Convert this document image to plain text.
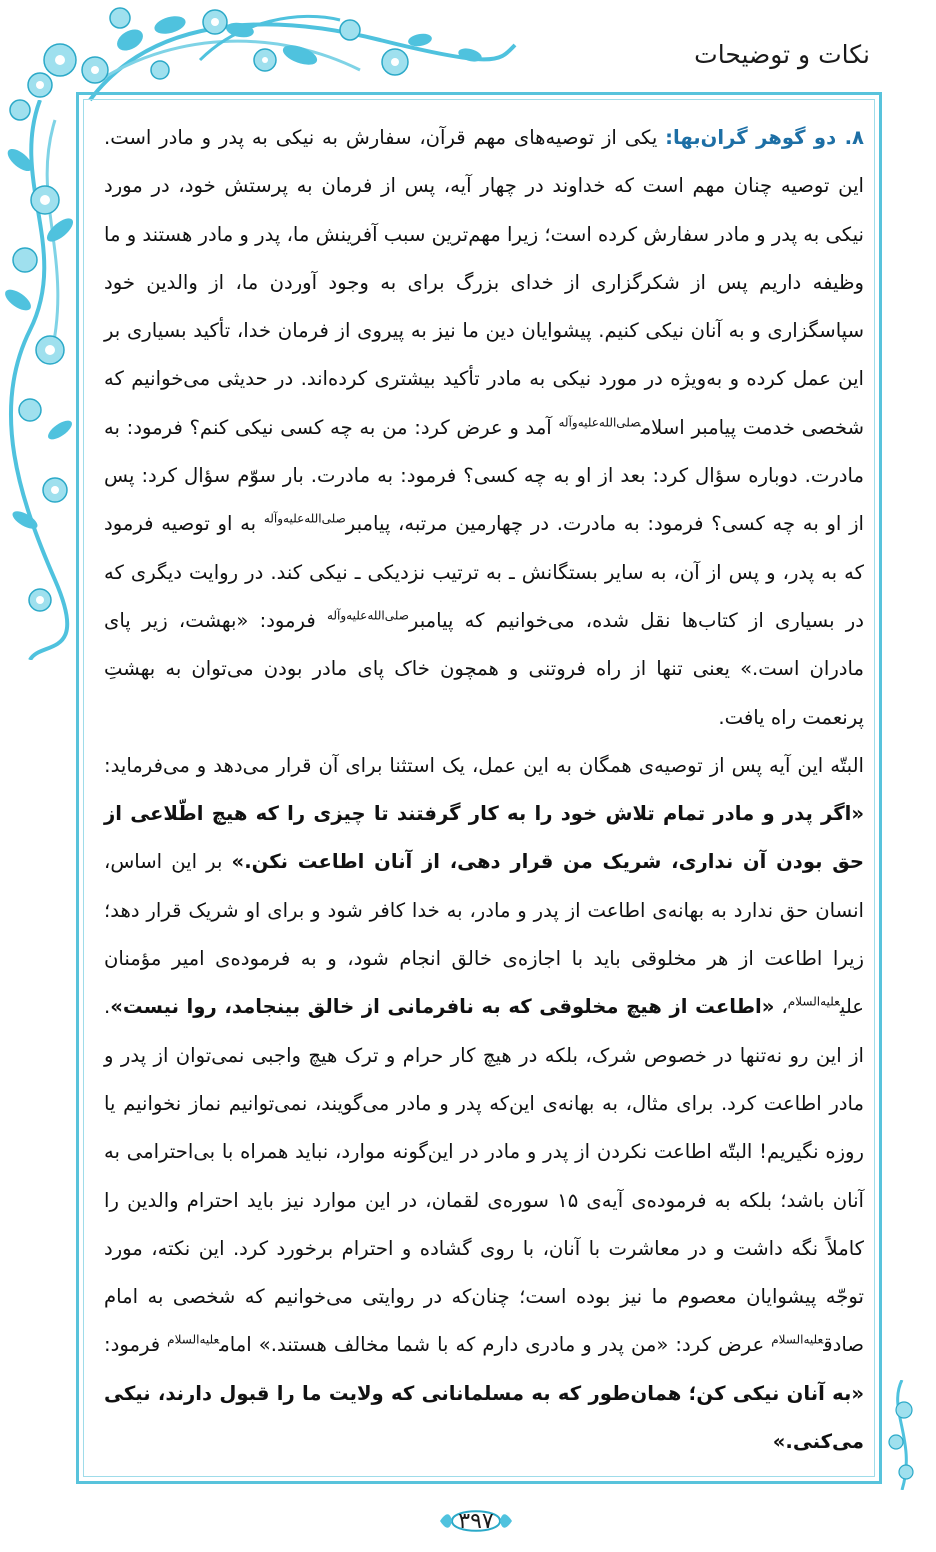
نکات و توضیحات

۸. دو گوهر گران‌بها: یکی از توصیه‌های مهم قرآن، سفارش به نیکی به پدر و مادر است. این توصیه چنان مهم است که خداوند در چهار آیه، پس از فرمان به پرستش خود، در مورد نیکی به پدر و مادر سفارش کرده است؛ زیرا مهم‌ترین سبب آفرینش ما، پدر و مادر هستند و ما وظیفه داریم پس از شکرگزاری از خدای بزرگ برای به وجود آوردن ما، از والدین خود سپاسگزاری و به آنان نیکی کنیم. پیشوایان دین ما نیز به پیروی از فرمان خدا، تأکید بسیاری بر این عمل کرده و به‌ویژه در مورد نیکی به مادر تأکید بیشتری کرده‌اند. در حدیثی می‌خوانیم که شخصی خدمت پیامبر اسلام$^{صلی‌الله‌علیه‌وآله}$ آمد و عرض کرد: من به چه کسی نیکی کنم؟ فرمود: به مادرت. دوباره سؤال کرد: بعد از او به چه کسی؟ فرمود: به مادرت. بار سوّم سؤال کرد: پس از او به چه کسی؟ فرمود: به مادرت. در چهارمین مرتبه، پیامبر$^{صلی‌الله‌علیه‌وآله}$ به او توصیه فرمود که به پدر، و پس از آن، به سایر بستگانش ـ به ترتیب نزدیکی ـ نیکی کند. در روایت دیگری که در بسیاری از کتاب‌ها نقل شده، می‌خوانیم که پیامبر$^{صلی‌الله‌علیه‌وآله}$ فرمود: «بهشت، زیر پای مادران است.» یعنی تنها از راه فروتنی و همچون خاک پای مادر بودن می‌توان به بهشتِ پرنعمت راه یافت.

البتّه این آیه پس از توصیه‌ی همگان به این عمل، یک استثنا برای آن قرار می‌دهد و می‌فرماید: «اگر پدر و مادر تمام تلاش خود را به کار گرفتند تا چیزی را که هیچ اطّلاعی از حق بودن آن نداری، شریک من قرار دهی، از آنان اطاعت نکن.» بر این اساس، انسان حق ندارد به بهانه‌ی اطاعت از پدر و مادر، به خدا کافر شود و برای او شریک قرار دهد؛ زیرا اطاعت از هر مخلوقی باید با اجازه‌ی خالق انجام شود، و به فرموده‌ی امیر مؤمنان علی$^{علیه‌السلام}$، «اطاعت از هیچ مخلوقی که به نافرمانی از خالق بینجامد، روا نیست». از این رو نه‌تنها در خصوص شرک، بلکه در هیچ کار حرام و ترک هیچ واجبی نمی‌توان از پدر و مادر اطاعت کرد. برای مثال، به بهانه‌ی این‌که پدر و مادر می‌گویند، نمی‌توانیم نماز نخوانیم یا روزه نگیریم! البتّه اطاعت نکردن از پدر و مادر در این‌گونه موارد، نباید همراه با بی‌احترامی به آنان باشد؛ بلکه به فرموده‌ی آیه‌ی ۱۵ سوره‌ی لقمان، در این موارد نیز باید احترام والدین را کاملاً نگه داشت و در معاشرت با آنان، با روی گشاده و احترام برخورد کرد. این نکته، مورد توجّه پیشوایان معصوم ما نیز بوده است؛ چنان‌که در روایتی می‌خوانیم که شخصی به امام صادق$^{علیه‌السلام}$ عرض کرد: «من پدر و مادری دارم که با شما مخالف هستند.» امام$^{علیه‌السلام}$ فرمود: «به آنان نیکی کن؛ همان‌طور که به مسلمانانی که ولایت ما را قبول دارند، نیکی می‌کنی.»

۳۹۷
